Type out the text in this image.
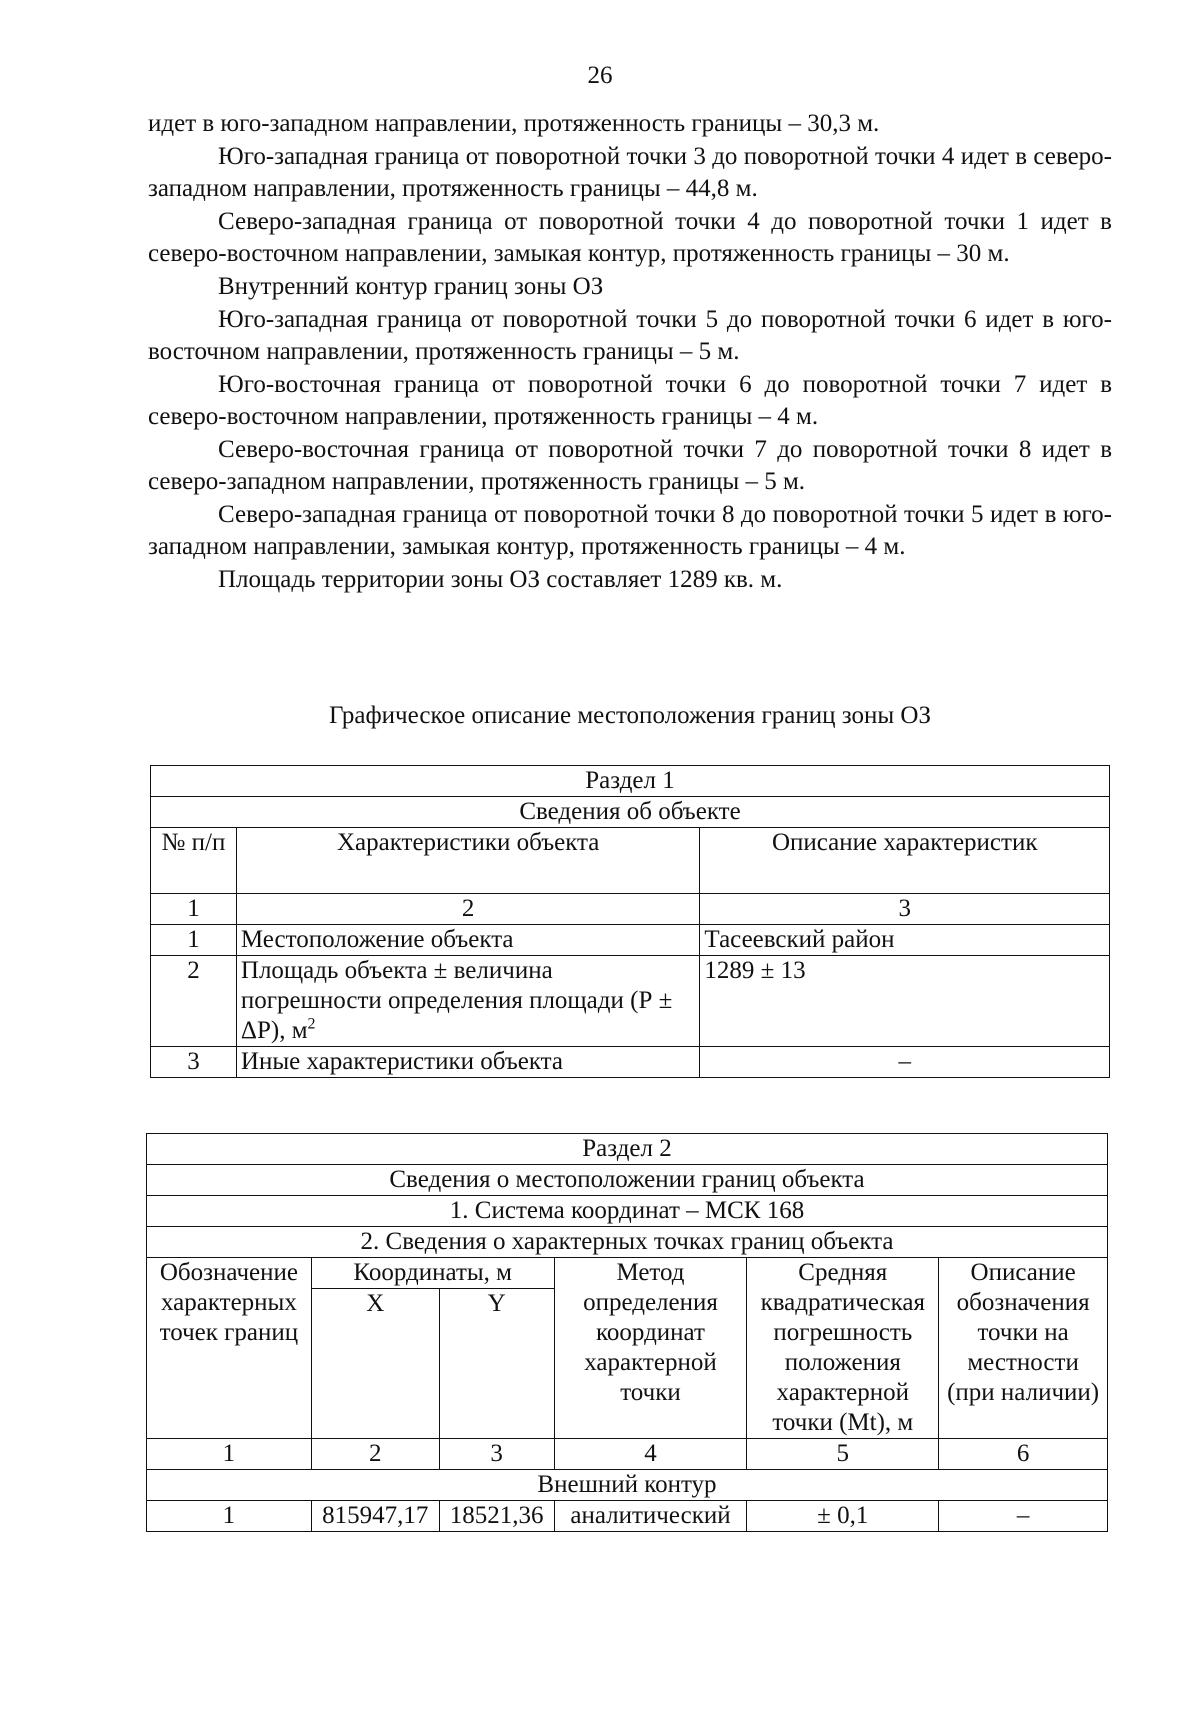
26

идет в юго-западном направлении, протяженность границы – 30,3 м.

Юго-западная граница от поворотной точки 3 до поворотной точки 4 идет в северо-западном направлении, протяженность границы – 44,8 м.

Северо-западная граница от поворотной точки 4 до поворотной точки 1 идет в северо-восточном направлении, замыкая контур, протяженность границы – 30 м.

Внутренний контур границ зоны ОЗ

Юго-западная граница от поворотной точки 5 до поворотной точки 6 идет в юго-восточном направлении, протяженность границы – 5 м.

Юго-восточная граница от поворотной точки 6 до поворотной точки 7 идет в северо-восточном направлении, протяженность границы – 4 м.

Северо-восточная граница от поворотной точки 7 до поворотной точки 8 идет в северо-западном направлении, протяженность границы – 5 м.

Северо-западная граница от поворотной точки 8 до поворотной точки 5 идет в юго-западном направлении, замыкая контур, протяженность границы – 4 м.

Площадь территории зоны ОЗ составляет 1289 кв. м.

Графическое описание местоположения границ зоны ОЗ
Раздел 1		
Сведения об объекте		
№ п/п	Характеристики объекта	Описание характеристик
1	2	3
1	Местоположение объекта	Тасеевский район
2	Площадь объекта ± величина погрешности определения площади (Р ± ΔР), $м^2$	1289 ± 13
3	Иные характеристики объекта	–
Раздел 2					
Сведения о местоположении границ объекта					
1. Система координат – МСК 168					
2. Сведения о характерных точках границ объекта					
Обозначение характерных точек границ	Координаты, м		Метод определения координат характерной точки	Средняя квадратическая погрешность положения характерной точки (Mt), м	Описание обозначения точки на местности (при наличии)
	X	Y			
1	2	3	4	5	6
Внешний контур					
1	815947,17	18521,36	аналитический	± 0,1	–
